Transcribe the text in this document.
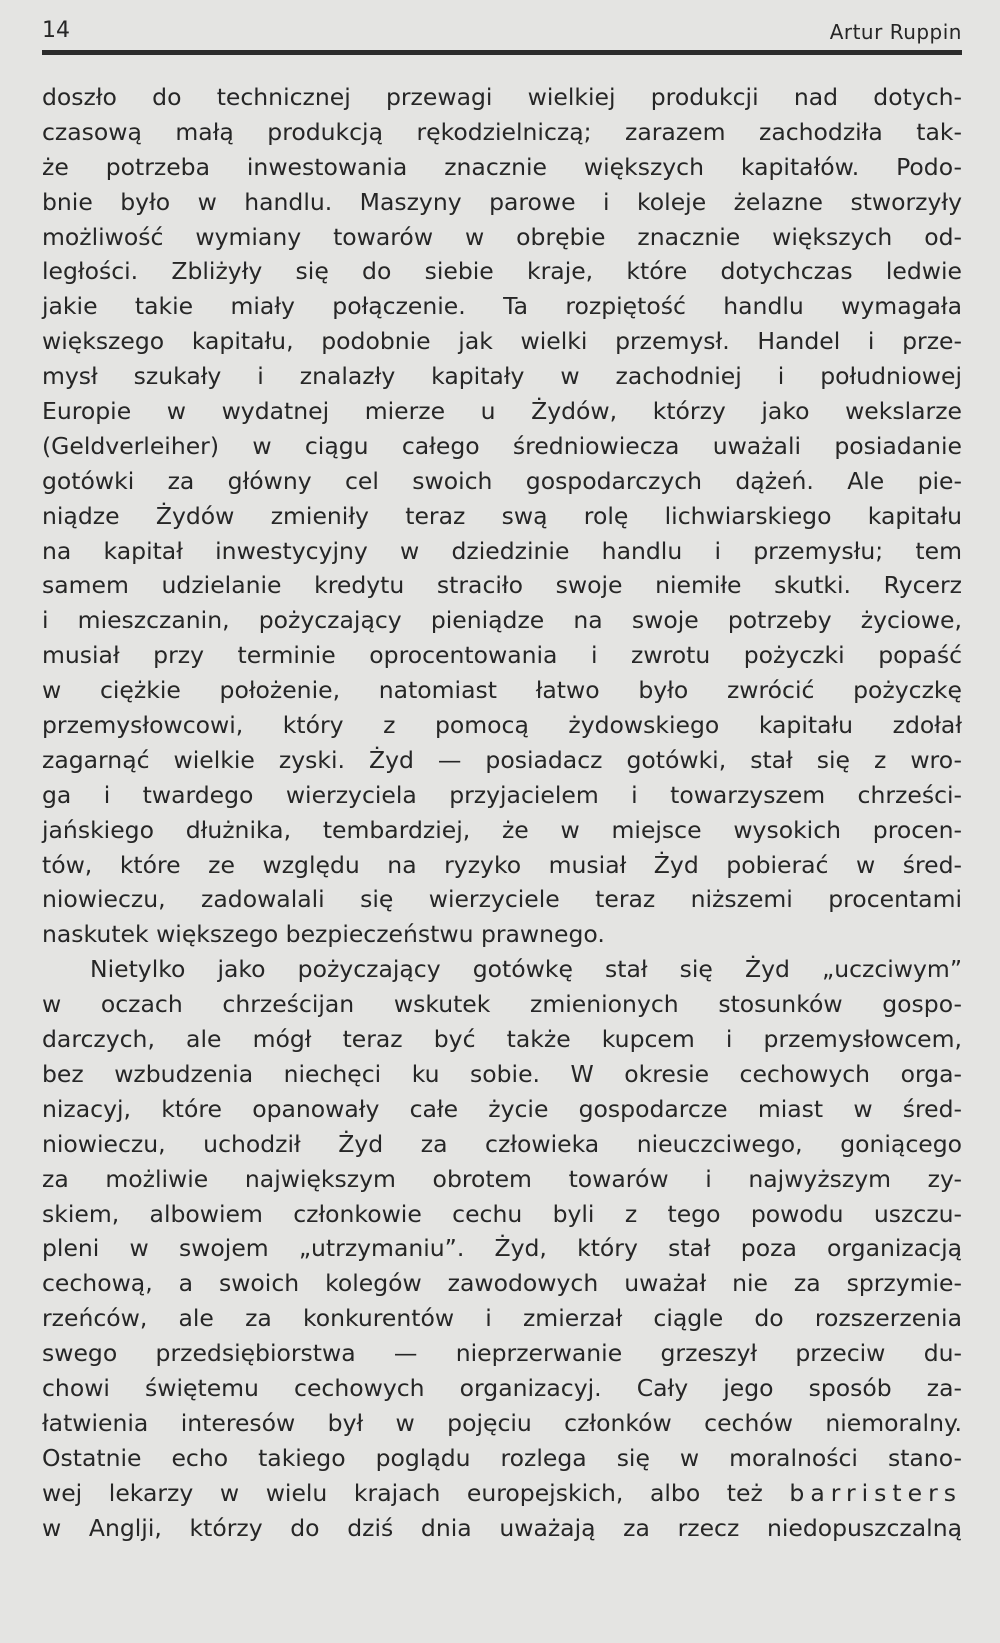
14	Artur Ruppin
doszło do technicznej przewagi wielkiej produkcji nad dotych-
czasową małą produkcją rękodzielniczą; zarazem zachodziła tak-
że potrzeba inwestowania znacznie większych kapitałów. Podo-
bnie było w handlu. Maszyny parowe i koleje żelazne stworzyły
możliwość wymiany towarów w obrębie znacznie większych od-
ległości. Zbliżyły się do siebie kraje, które dotychczas ledwie
jakie takie miały połączenie. Ta rozpiętość handlu wymagała
większego kapitału, podobnie jak wielki przemysł. Handel i prze-
mysł szukały i znalazły kapitały w zachodniej i południowej
Europie w wydatnej mierze u Żydów, którzy jako wekslarze
(Geldverleiher) w ciągu całego średniowiecza uważali posiadanie
gotówki za główny cel swoich gospodarczych dążeń. Ale pie-
niądze Żydów zmieniły teraz swą rolę lichwiarskiego kapitału
na kapitał inwestycyjny w dziedzinie handlu i przemysłu; tem
samem udzielanie kredytu straciło swoje niemiłe skutki. Rycerz
i mieszczanin, pożyczający pieniądze na swoje potrzeby życiowe,
musiał przy terminie oprocentowania i zwrotu pożyczki popaść
w ciężkie położenie, natomiast łatwo było zwrócić pożyczkę
przemysłowcowi, który z pomocą żydowskiego kapitału zdołał
zagarnąć wielkie zyski. Żyd — posiadacz gotówki, stał się z wro-
ga i twardego wierzyciela przyjacielem i towarzyszem chrześci-
jańskiego dłużnika, tembardziej, że w miejsce wysokich procen-
tów, które ze względu na ryzyko musiał Żyd pobierać w śred-
niowieczu, zadowalali się wierzyciele teraz niższemi procentami
naskutek większego bezpieczeństwu prawnego.
Nietylko jako pożyczający gotówkę stał się Żyd „uczciwym”
w oczach chrześcijan wskutek zmienionych stosunków gospo-
darczych, ale mógł teraz być także kupcem i przemysłowcem,
bez wzbudzenia niechęci ku sobie. W okresie cechowych orga-
nizacyj, które opanowały całe życie gospodarcze miast w śred-
niowieczu, uchodził Żyd za człowieka nieuczciwego, goniącego
za możliwie największym obrotem towarów i najwyższym zy-
skiem, albowiem członkowie cechu byli z tego powodu uszczu-
pleni w swojem „utrzymaniu”. Żyd, który stał poza organizacją
cechową, a swoich kolegów zawodowych uważał nie za sprzymie-
rzeńców, ale za konkurentów i zmierzał ciągle do rozszerzenia
swego przedsiębiorstwa — nieprzerwanie grzeszył przeciw du-
chowi świętemu cechowych organizacyj. Cały jego sposób za-
łatwienia interesów był w pojęciu członków cechów niemoralny.
Ostatnie echo takiego poglądu rozlega się w moralności stano-
wej lekarzy w wielu krajach europejskich, albo też barristers
w Anglji, którzy do dziś dnia uważają za rzecz niedopuszczalną
